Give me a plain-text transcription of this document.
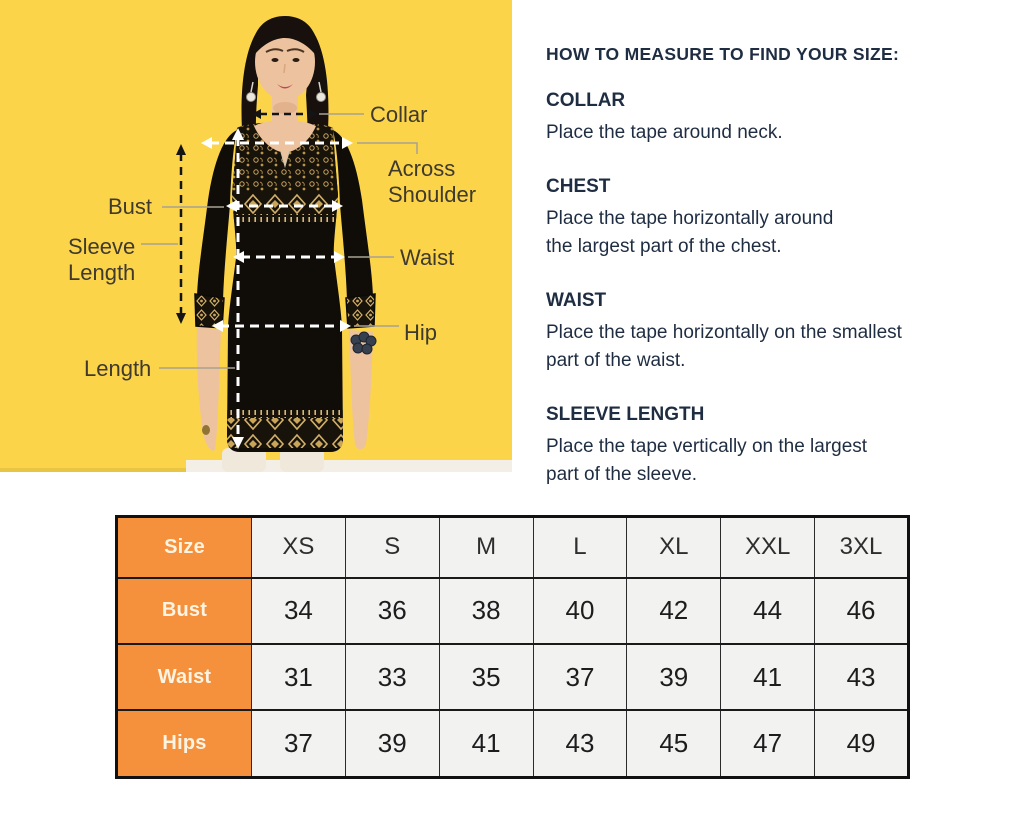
Collar
Across
Shoulder
Bust
Sleeve
Length
Waist
Hip
Length
HOW TO MEASURE TO FIND YOUR SIZE:
COLLAR
Place the tape around neck.
CHEST
Place the tape horizontally around
the largest part of the chest.
WAIST
Place the tape horizontally on the smallest
part of the waist.
SLEEVE LENGTH
Place the tape vertically on the largest
part of the sleeve.
Size	XS	S	M	L	XL	XXL	3XL
Bust	34	36	38	40	42	44	46
Waist	31	33	35	37	39	41	43
Hips	37	39	41	43	45	47	49
